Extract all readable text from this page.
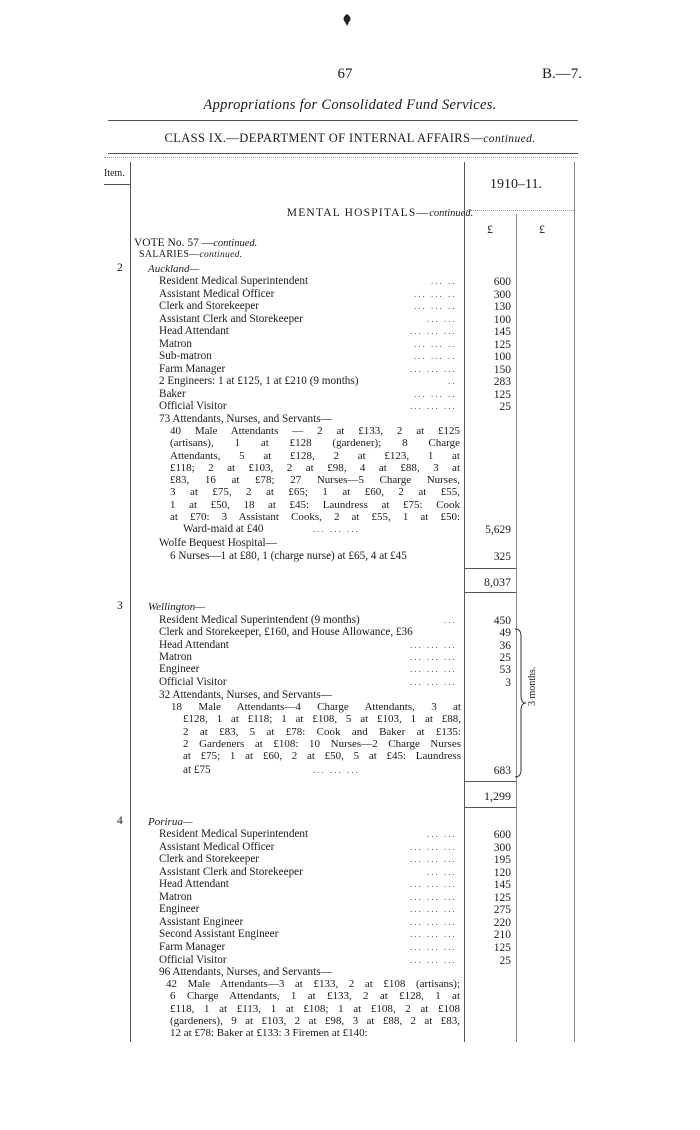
67	B.—7.
Appropriations for Consolidated Fund Services.
CLASS IX.—DEPARTMENT OF INTERNAL AFFAIRS—continued.
Item.
1910–11.
MENTAL HOSPITALS—continued.
£	£
VOTE No. 57 —continued.
SALARIES—continued.
2 Auckland—
Resident Medical Superintendent	... ..	600
Assistant Medical Officer	... ... ..	300
Clerk and Storekeeper	... ... ..	130
Assistant Clerk and Storekeeper	... ...	100
Head Attendant	... ... ...	145
Matron	... ... ..	125
Sub-matron	... ... ..	100
Farm Manager	... ... ...	150
2 Engineers: 1 at £125, 1 at £210 (9 months)	..	283
Baker	... ... ..	125
Official Visitor	... ... ...	25
73 Attendants, Nurses, and Servants—
40 Male Attendants — 2 at £133, 2 at £125
(artisans), 1 at £128 (gardener); 8 Charge
Attendants, 5 at £128, 2 at £123, 1 at
£118; 2 at £103, 2 at £98, 4 at £88, 3 at
£83, 16 at £78; 27 Nurses—5 Charge Nurses,
3 at £75, 2 at £65; 1 at £60, 2 at £55,
1 at £50, 18 at £45: Laundress at £75: Cook
at £70: 3 Assistant Cooks, 2 at £55, 1 at £50:
Ward-maid at £40	... ... ...	5,629
Wolfe Bequest Hospital—
6 Nurses—1 at £80, 1 (charge nurse) at £65, 4 at £45	325
8,037
3 Wellington—
Resident Medical Superintendent (9 months)	...	450
Clerk and Storekeeper, £160, and House Allowance, £36	49
Head Attendant	... ... ...	36
Matron	... ... ...	25
Engineer	... ... ...	53
Official Visitor	... ... ...	3
32 Attendants, Nurses, and Servants—
18 Male Attendants—4 Charge Attendants, 3 at
£128, 1 at £118; 1 at £108, 5 at £103, 1 at £88,
2 at £83, 5 at £78: Cook and Baker at £135:
2 Gardeners at £108: 10 Nurses—2 Charge Nurses
at £75; 1 at £60, 2 at £50, 5 at £45: Laundress
at £75	... ... ...	683
3 months.
1,299
4 Porirua—
Resident Medical Superintendent	... ...	600
Assistant Medical Officer	... ... ...	300
Clerk and Storekeeper	... ... ...	195
Assistant Clerk and Storekeeper	... ...	120
Head Attendant	... ... ...	145
Matron	... ... ...	125
Engineer	... ... ...	275
Assistant Engineer	... ... ...	220
Second Assistant Engineer	... ... ...	210
Farm Manager	... ... ...	125
Official Visitor	... ... ...	25
96 Attendants, Nurses, and Servants—
42 Male Attendants—3 at £133, 2 at £108 (artisans);
6 Charge Attendants, 1 at £133, 2 at £128, 1 at
£118, 1 at £113, 1 at £108; 1 at £108, 2 at £108
(gardeners), 9 at £103, 2 at £98, 3 at £88, 2 at £83,
12 at £78: Baker at £133: 3 Firemen at £140:
